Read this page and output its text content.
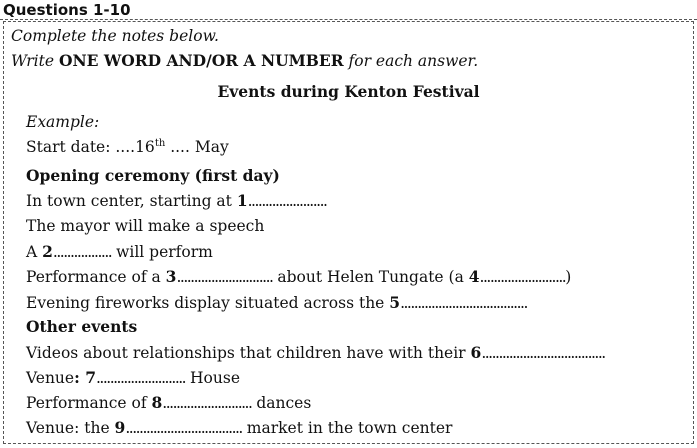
Questions 1-10
Complete the notes below.
Write ONE WORD AND/OR A NUMBER for each answer.
Events during Kenton Festival
Example:
Start date: ....16th .... May
Opening ceremony (first day)
In town center, starting at 1.......................
The mayor will make a speech
A 2................. will perform
Performance of a 3............................ about Helen Tungate (a 4.........................)
Evening fireworks display situated across the 5.....................................
Other events
Videos about relationships that children have with their 6....................................
Venue: 7.......................... House
Performance of 8.......................... dances
Venue: the 9.................................. market in the town center
